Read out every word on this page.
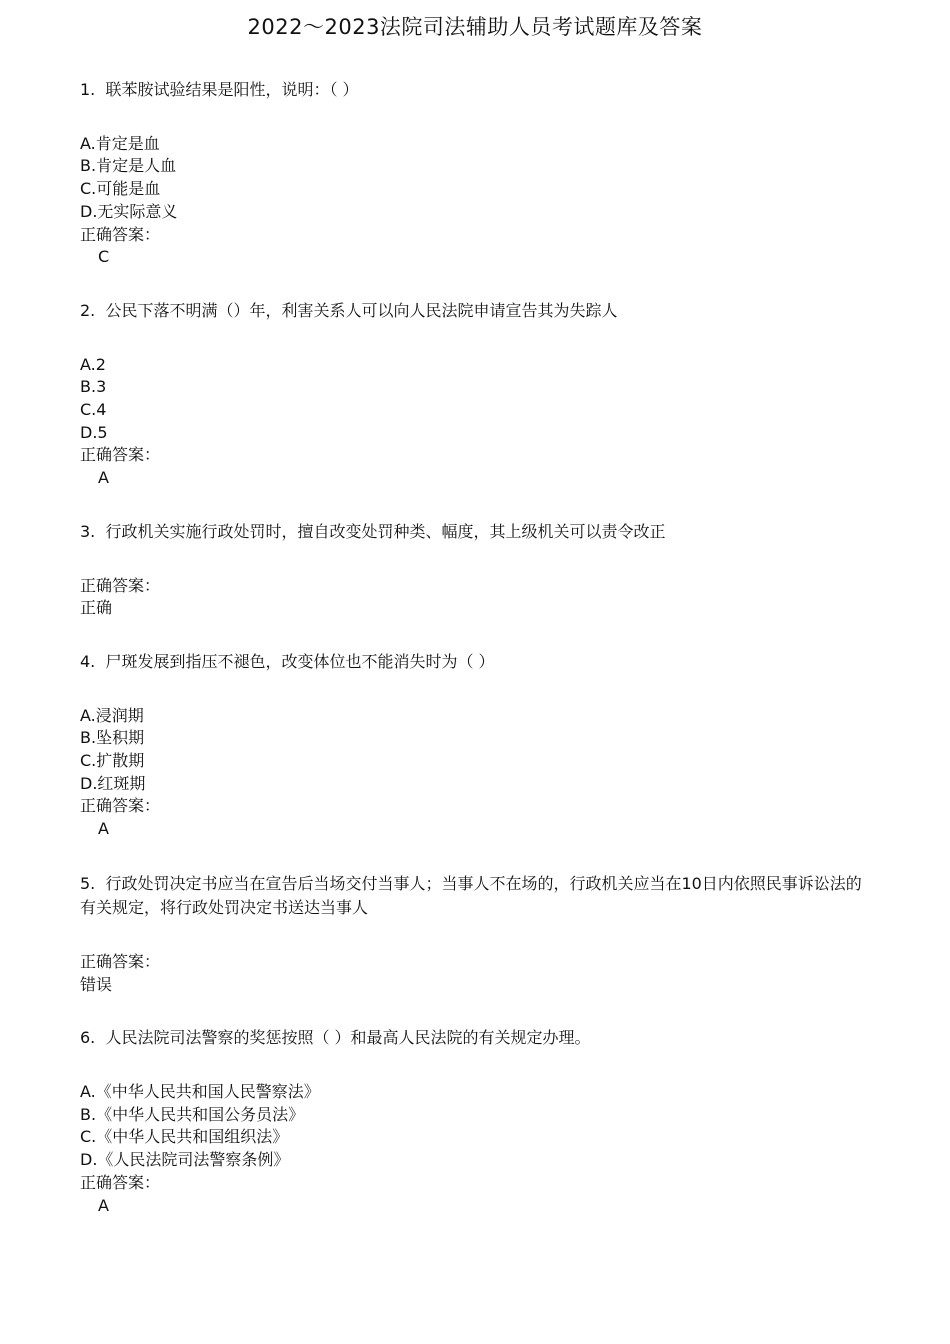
2022～2023法院司法辅助人员考试题库及答案
1.  联苯胺试验结果是阳性，说明：（ ）
A.肯定是血
B.肯定是人血
C.可能是血
D.无实际意义
正确答案：
C
2.  公民下落不明满（）年，利害关系人可以向人民法院申请宣告其为失踪人
A.2
B.3
C.4
D.5
正确答案：
A
3.  行政机关实施行政处罚时，擅自改变处罚种类、幅度，其上级机关可以责令改正
正确答案：
正确
4.  尸斑发展到指压不褪色，改变体位也不能消失时为（ ）
A.浸润期
B.坠积期
C.扩散期
D.红斑期
正确答案：
A
5.  行政处罚决定书应当在宣告后当场交付当事人；当事人不在场的，行政机关应当在10日内依照民事诉讼法的有关规定，将行政处罚决定书送达当事人
正确答案：
错误
6.  人民法院司法警察的奖惩按照（ ）和最高人民法院的有关规定办理。
A.《中华人民共和国人民警察法》
B.《中华人民共和国公务员法》
C.《中华人民共和国组织法》
D.《人民法院司法警察条例》
正确答案：
A
